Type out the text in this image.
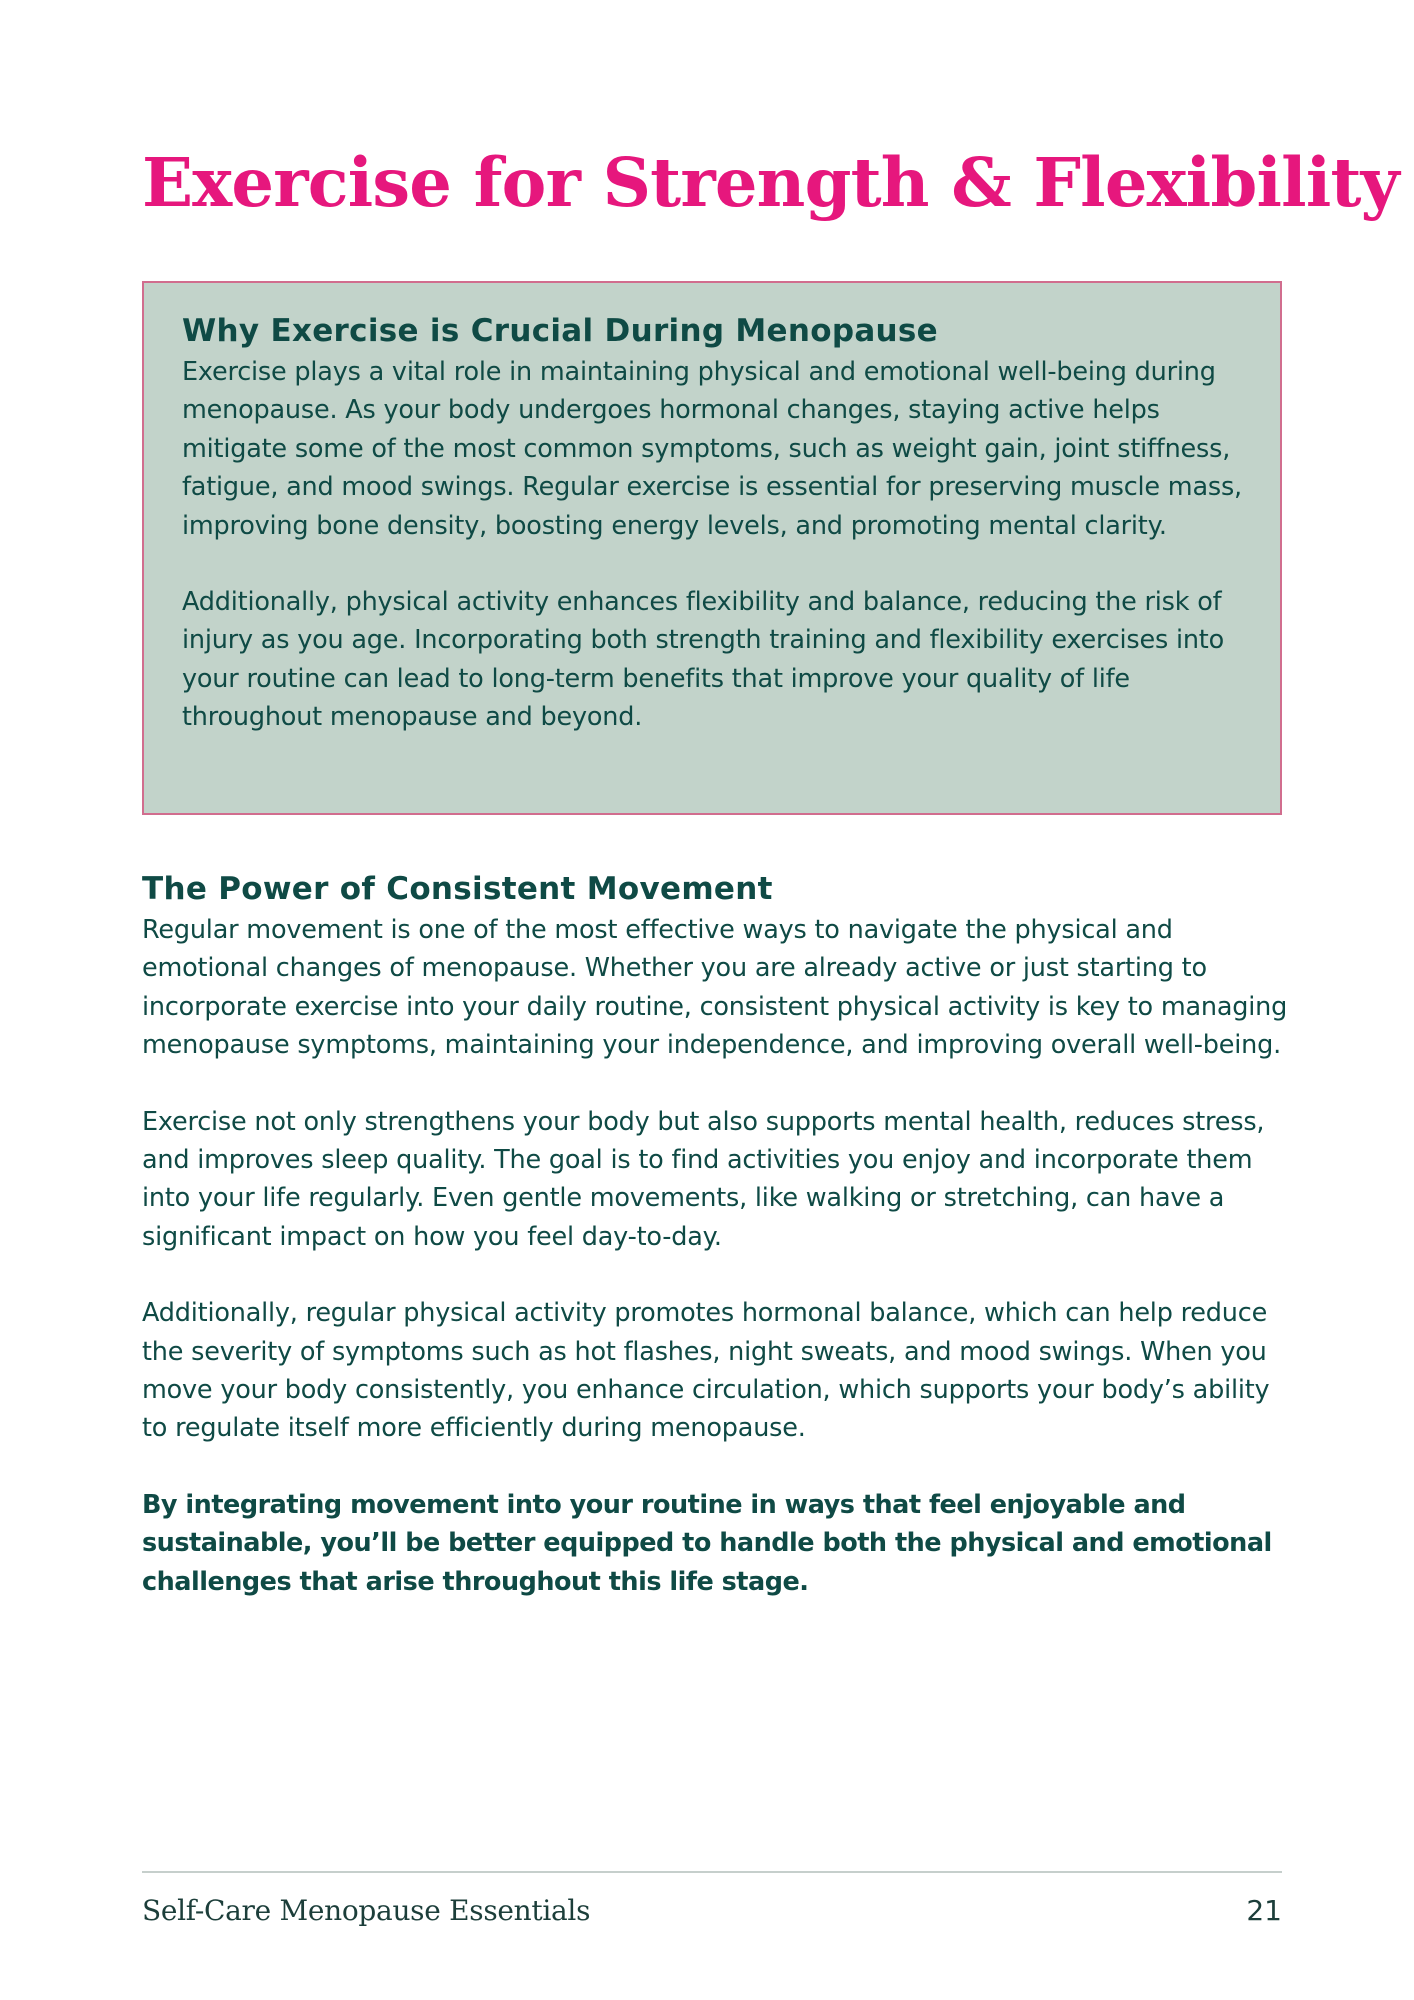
Exercise for Strength & Flexibility
Why Exercise is Crucial During Menopause

Exercise plays a vital role in maintaining physical and emotional well-being during menopause. As your body undergoes hormonal changes, staying active helps mitigate some of the most common symptoms, such as weight gain, joint stiffness, fatigue, and mood swings. Regular exercise is essential for preserving muscle mass, improving bone density, boosting energy levels, and promoting mental clarity.

Additionally, physical activity enhances flexibility and balance, reducing the risk of injury as you age. Incorporating both strength training and flexibility exercises into your routine can lead to long-term benefits that improve your quality of life throughout menopause and beyond.

The Power of Consistent Movement

Regular movement is one of the most effective ways to navigate the physical and emotional changes of menopause. Whether you are already active or just starting to incorporate exercise into your daily routine, consistent physical activity is key to managing menopause symptoms, maintaining your independence, and improving overall well-being.

Exercise not only strengthens your body but also supports mental health, reduces stress, and improves sleep quality. The goal is to find activities you enjoy and incorporate them into your life regularly. Even gentle movements, like walking or stretching, can have a significant impact on how you feel day-to-day.

Additionally, regular physical activity promotes hormonal balance, which can help reduce the severity of symptoms such as hot flashes, night sweats, and mood swings. When you move your body consistently, you enhance circulation, which supports your body’s ability to regulate itself more efficiently during menopause.

By integrating movement into your routine in ways that feel enjoyable and sustainable, you’ll be better equipped to handle both the physical and emotional challenges that arise throughout this life stage.

Self-Care Menopause Essentials	21
